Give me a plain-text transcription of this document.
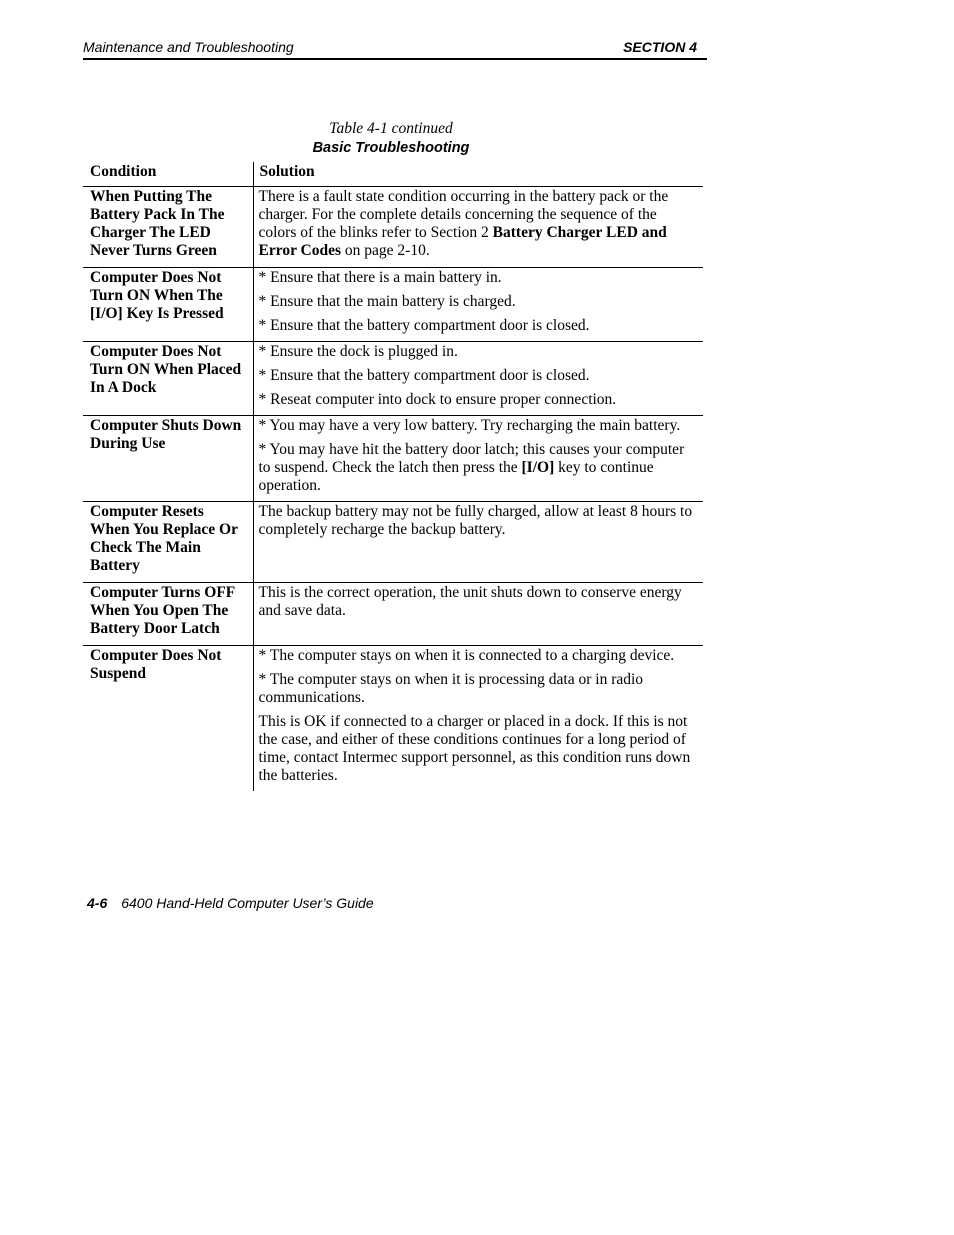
Maintenance and Troubleshooting	SECTION 4
Table 4-1 continued
Basic Troubleshooting
Condition	Solution
When Putting The Battery Pack In The Charger The LED Never Turns Green	There is a fault state condition occurring in the battery pack or the charger. For the complete details concerning the sequence of the colors of the blinks refer to Section 2 Battery Charger LED and Error Codes on page 2-10.

Computer Does Not Turn ON When The [I/O] Key Is Pressed	* Ensure that there is a main battery in.

* Ensure that the main battery is charged.

* Ensure that the battery compartment door is closed.

Computer Does Not Turn ON When Placed In A Dock	* Ensure the dock is plugged in.

* Ensure that the battery compartment door is closed.

* Reseat computer into dock to ensure proper connection.

Computer Shuts Down During Use	* You may have a very low battery. Try recharging the main battery.

* You may have hit the battery door latch; this causes your computer to suspend. Check the latch then press the [I/O] key to continue operation.

Computer Resets When You Replace Or Check The Main Battery	The backup battery may not be fully charged, allow at least 8 hours to completely recharge the backup battery.

Computer Turns OFF When You Open The Battery Door Latch	This is the correct operation, the unit shuts down to conserve energy and save data.

Computer Does Not Suspend	* The computer stays on when it is connected to a charging device.

* The computer stays on when it is processing data or in radio communications.

This is OK if connected to a charger or placed in a dock. If this is not the case, and either of these conditions continues for a long period of time, contact Intermec support personnel, as this condition runs down the batteries.

4-6 6400 Hand-Held Computer User’s Guide
